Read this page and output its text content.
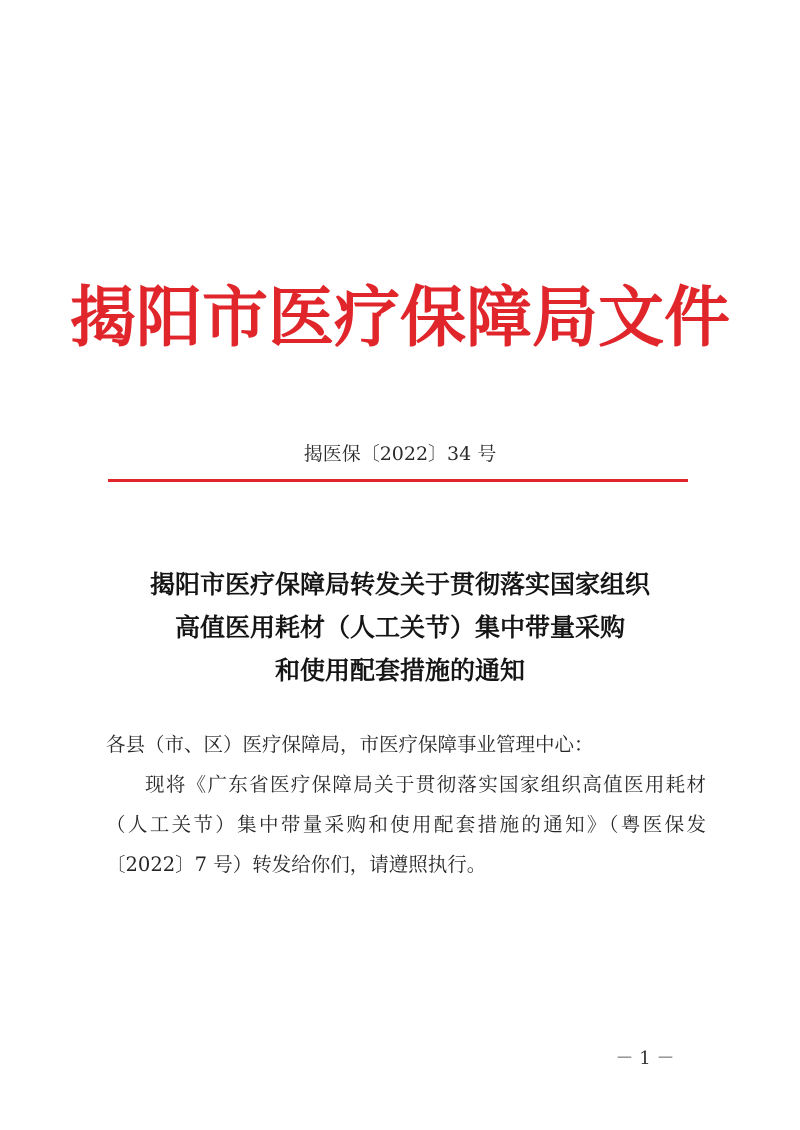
揭阳市医疗保障局文件
揭医保〔2022〕34 号
揭阳市医疗保障局转发关于贯彻落实国家组织
高值医用耗材（人工关节）集中带量采购
和使用配套措施的通知
各县（市、区）医疗保障局，市医疗保障事业管理中心：
现将《广东省医疗保障局关于贯彻落实国家组织高值医用耗材（人工关节）集中带量采购和使用配套措施的通知》（粤医保发〔2022〕7 号）转发给你们，请遵照执行。
－ 1 －
